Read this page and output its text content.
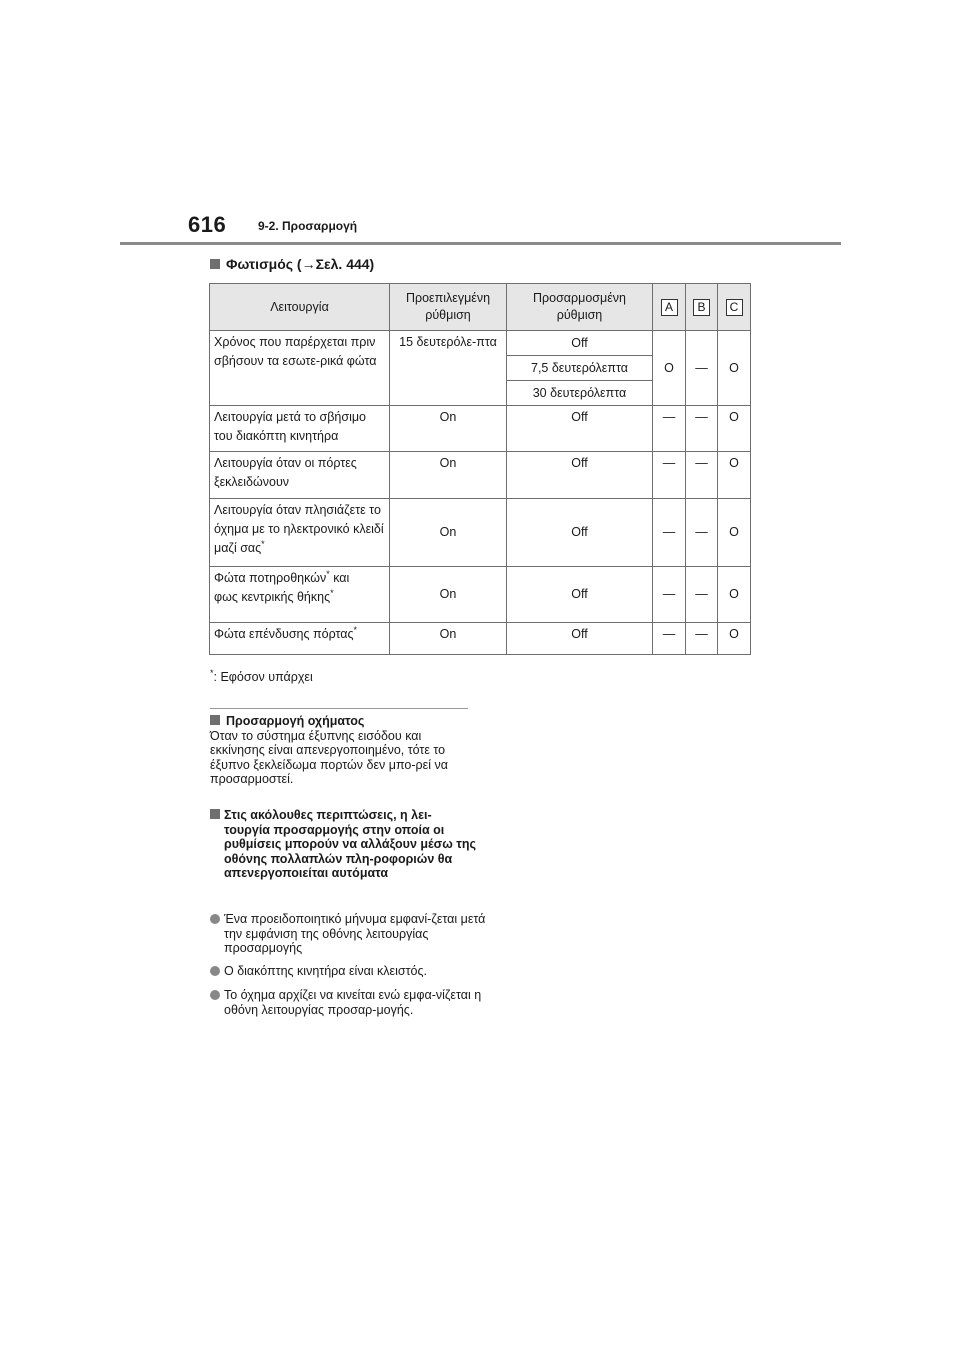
616	9-2. Προσαρμογή
Φωτισμός (→Σελ. 444)
Λειτουργία	Προεπιλεγμένη ρύθμιση	Προσαρμοσμένη ρύθμιση	A	B	C
Χρόνος που παρέρχεται πριν σβήσουν τα εσωτε-ρικά φώτα	15 δευτερόλε-πτα	Off	O	—	O
		7,5 δευτερόλεπτα			
		30 δευτερόλεπτα			
Λειτουργία μετά το σβήσιμο του διακόπτη κινητήρα	On	Off	—	—	O
Λειτουργία όταν οι πόρτες ξεκλειδώνουν	On	Off	—	—	O
Λειτουργία όταν πλησιάζετε το όχημα με το ηλεκτρονικό κλειδί μαζί σας*	On	Off	—	—	O
Φώτα ποτηροθηκών* και
φως κεντρικής θήκης*	On	Off	—	—	O
Φώτα επένδυσης πόρτας*	On	Off	—	—	O
*: Εφόσον υπάρχει
Προσαρμογή οχήματος
Όταν το σύστημα έξυπνης εισόδου και εκκίνησης είναι απενεργοποιημένο, τότε το έξυπνο ξεκλείδωμα πορτών δεν μπο-ρεί να προσαρμοστεί.
Στις ακόλουθες περιπτώσεις, η λει-τουργία προσαρμογής στην οποία οι ρυθμίσεις μπορούν να αλλάξουν μέσω της οθόνης πολλαπλών πλη-ροφοριών θα απενεργοποιείται αυτόματα
Ένα προειδοποιητικό μήνυμα εμφανί-ζεται μετά την εμφάνιση της οθόνης λειτουργίας προσαρμογής
Ο διακόπτης κινητήρα είναι κλειστός.
Το όχημα αρχίζει να κινείται ενώ εμφα-νίζεται η οθόνη λειτουργίας προσαρ-μογής.
